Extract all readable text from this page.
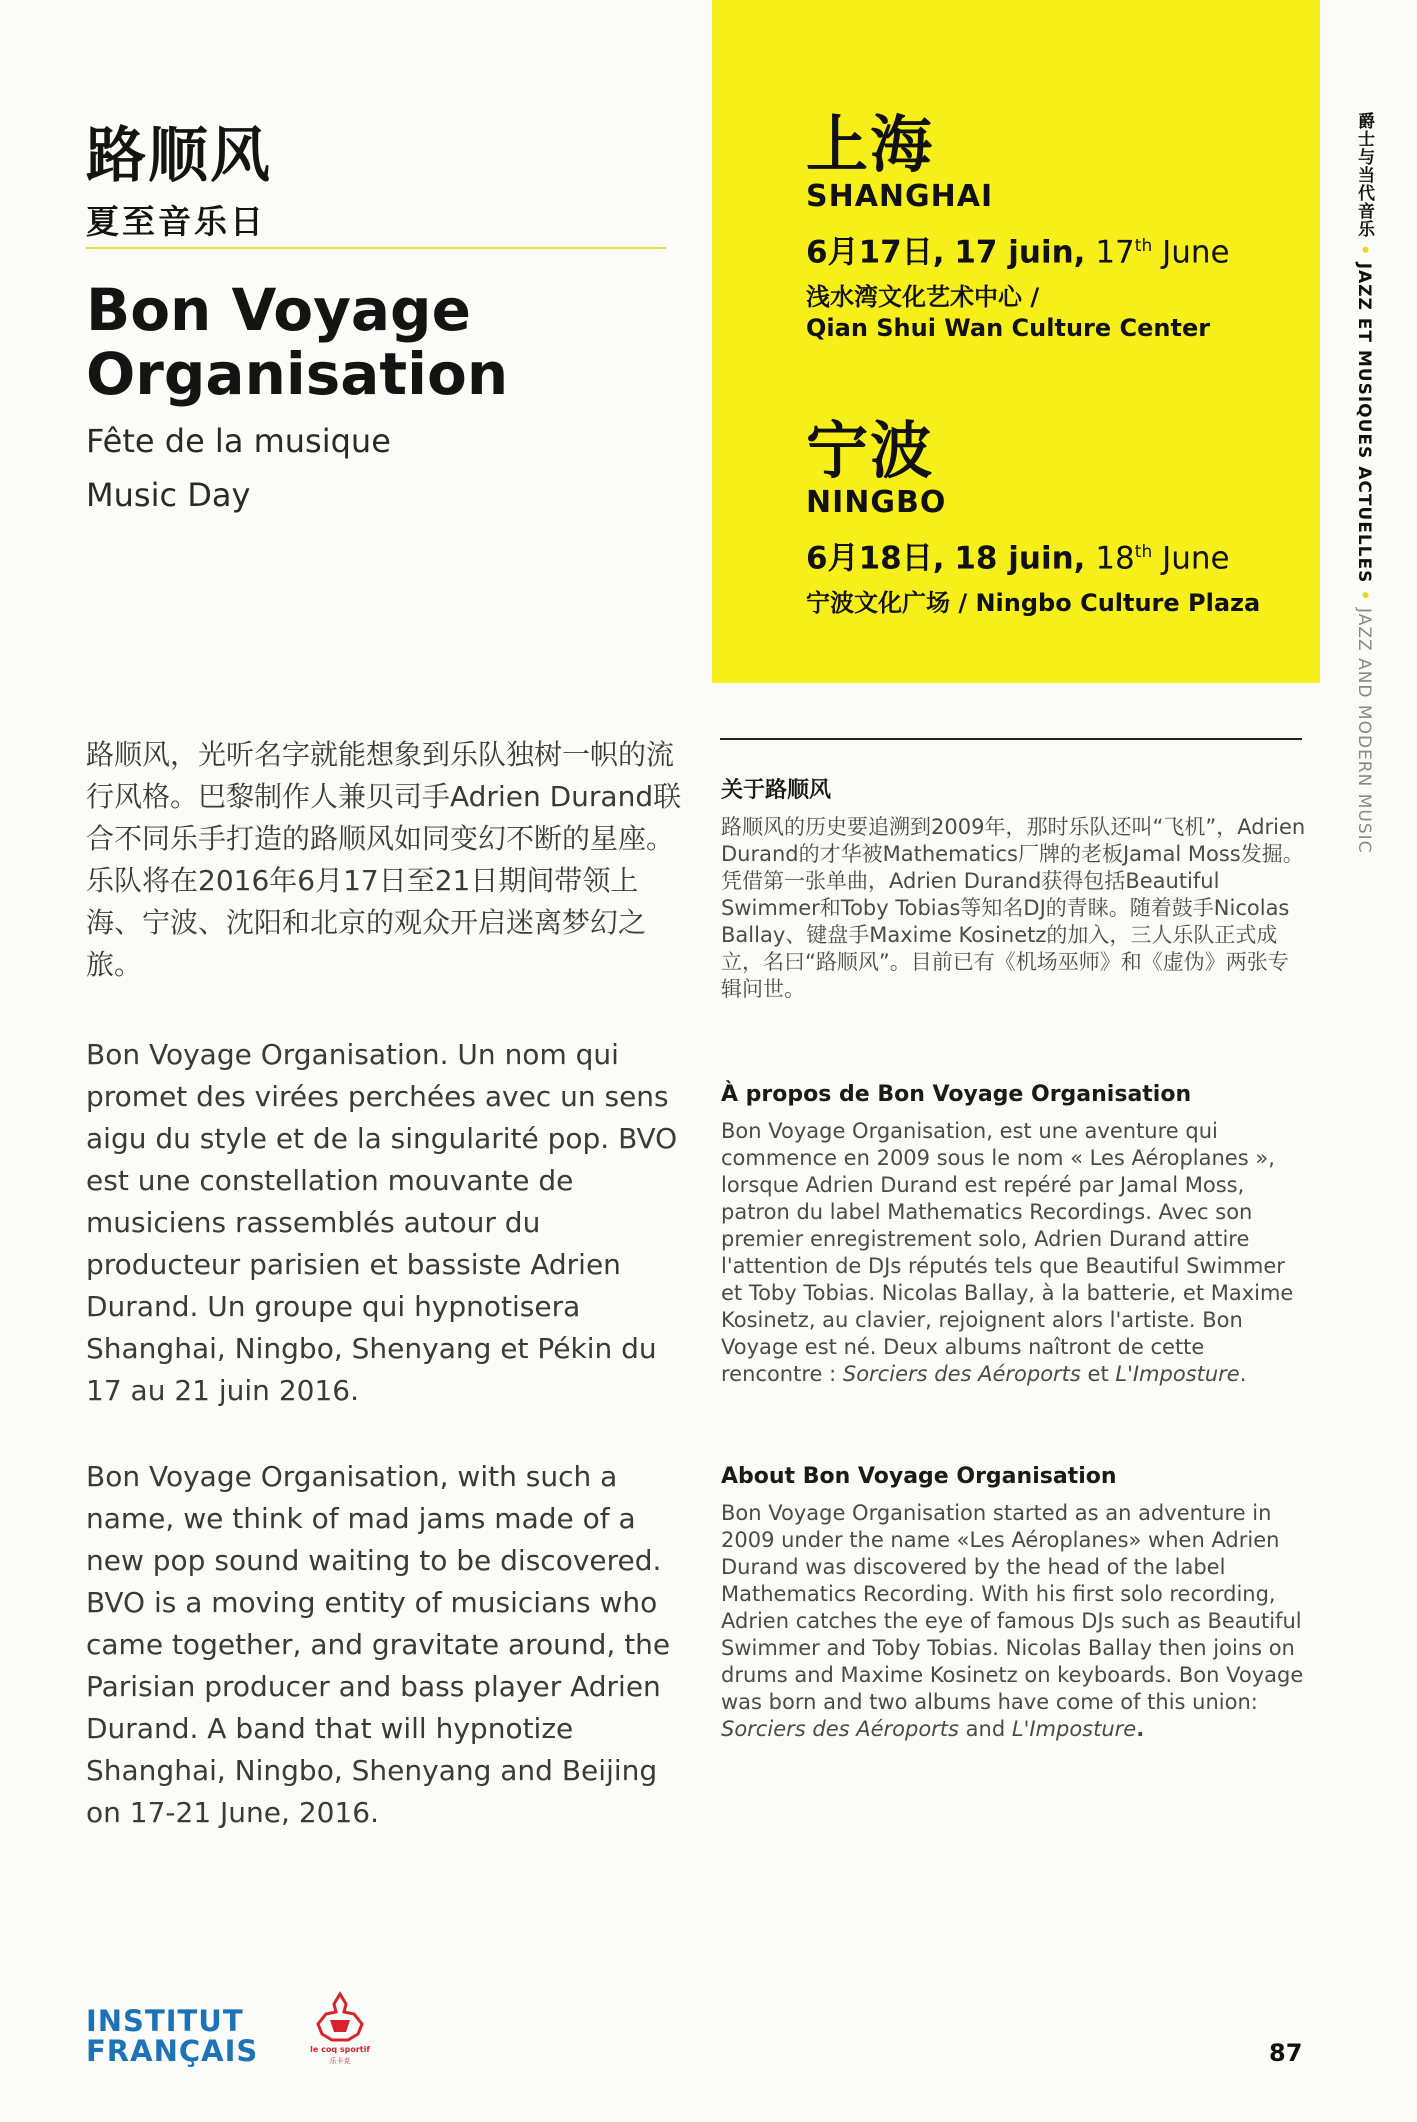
路顺风
夏至音乐日
Bon Voyage
Organisation
Fête de la musique
Music Day
上海
SHANGHAI
6月17日, 17 juin, 17th June
浅水湾文化艺术中心 /
Qian Shui Wan Culture Center
宁波
NINGBO
6月18日, 18 juin, 18th June
宁波文化广场 / Ningbo Culture Plaza
爵士与当代音乐 • JAZZ ET MUSIQUES ACTUELLES • JAZZ AND MODERN MUSIC

路顺风，光听名字就能想象到乐队独树一帜的流行风格。巴黎制作人兼贝司手Adrien Durand联合不同乐手打造的路顺风如同变幻不断的星座。乐队将在2016年6月17日至21日期间带领上海、宁波、沈阳和北京的观众开启迷离梦幻之旅。

Bon Voyage Organisation. Un nom qui promet des virées perchées avec un sens aigu du style et de la singularité pop. BVO est une constellation mouvante de musiciens rassemblés autour du producteur parisien et bassiste Adrien Durand. Un groupe qui hypnotisera Shanghai, Ningbo, Shenyang et Pékin du 17 au 21 juin 2016.

Bon Voyage Organisation, with such a name, we think of mad jams made of a new pop sound waiting to be discovered. BVO is a moving entity of musicians who came together, and gravitate around, the Parisian producer and bass player Adrien Durand. A band that will hypnotize Shanghai, Ningbo, Shenyang and Beijing on 17-21 June, 2016.

关于路顺风

路顺风的历史要追溯到2009年，那时乐队还叫“飞机”，Adrien Durand的才华被Mathematics厂牌的老板Jamal Moss发掘。凭借第一张单曲，Adrien Durand获得包括Beautiful Swimmer和Toby Tobias等知名DJ的青睐。随着鼓手Nicolas Ballay、键盘手Maxime Kosinetz的加入，三人乐队正式成立，名曰“路顺风”。目前已有《机场巫师》和《虚伪》两张专辑问世。

À propos de Bon Voyage Organisation

Bon Voyage Organisation, est une aventure qui commence en 2009 sous le nom « Les Aéroplanes », lorsque Adrien Durand est repéré par Jamal Moss, patron du label Mathematics Recordings. Avec son premier enregistrement solo, Adrien Durand attire l'attention de DJs réputés tels que Beautiful Swimmer et Toby Tobias. Nicolas Ballay, à la batterie, et Maxime Kosinetz, au clavier, rejoignent alors l'artiste. Bon Voyage est né. Deux albums naîtront de cette rencontre : Sorciers des Aéroports et L'Imposture.

About Bon Voyage Organisation

Bon Voyage Organisation started as an adventure in 2009 under the name «Les Aéroplanes» when Adrien Durand was discovered by the head of the label Mathematics Recording. With his first solo recording, Adrien catches the eye of famous DJs such as Beautiful Swimmer and Toby Tobias. Nicolas Ballay then joins on drums and Maxime Kosinetz on keyboards. Bon Voyage was born and two albums have come of this union: Sorciers des Aéroports and L'Imposture.

INSTITUT
FRANÇAIS	le coq sportif
乐卡克	87
